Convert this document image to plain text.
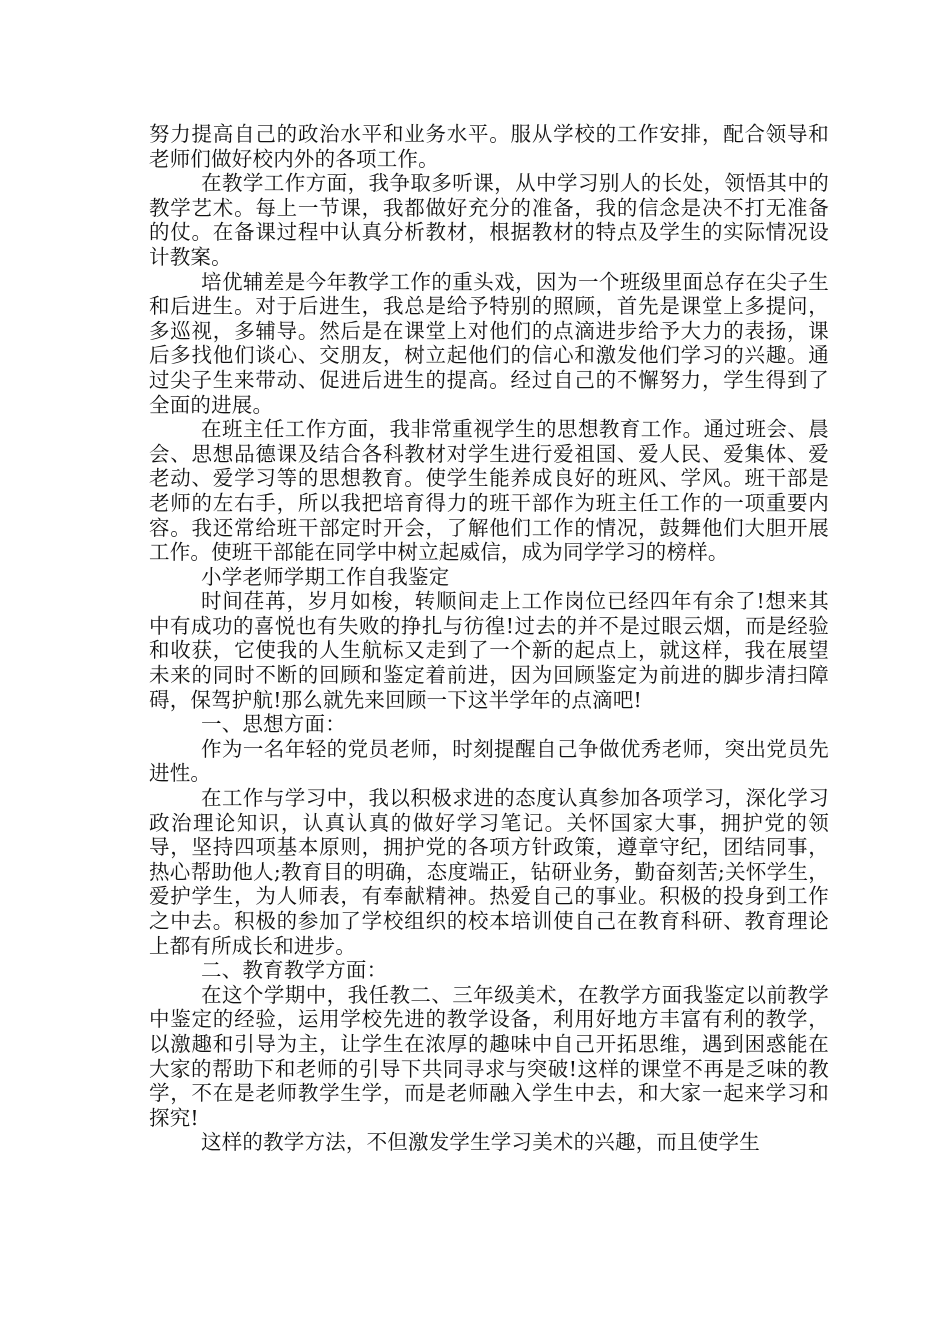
努力提高自己的政治水平和业务水平。服从学校的工作安排，配合领导和老师们做好校内外的各项工作。

在教学工作方面，我争取多听课，从中学习别人的长处，领悟其中的教学艺术。每上一节课，我都做好充分的准备，我的信念是决不打无准备的仗。在备课过程中认真分析教材，根据教材的特点及学生的实际情况设计教案。

培优辅差是今年教学工作的重头戏，因为一个班级里面总存在尖子生和后进生。对于后进生，我总是给予特别的照顾，首先是课堂上多提问，多巡视，多辅导。然后是在课堂上对他们的点滴进步给予大力的表扬，课后多找他们谈心、交朋友，树立起他们的信心和激发他们学习的兴趣。通过尖子生来带动、促进后进生的提高。经过自己的不懈努力，学生得到了全面的进展。

在班主任工作方面，我非常重视学生的思想教育工作。通过班会、晨会、思想品德课及结合各科教材对学生进行爱祖国、爱人民、爱集体、爱老动、爱学习等的思想教育。使学生能养成良好的班风、学风。班干部是老师的左右手，所以我把培育得力的班干部作为班主任工作的一项重要内容。我还常给班干部定时开会，了解他们工作的情况，鼓舞他们大胆开展工作。使班干部能在同学中树立起威信，成为同学学习的榜样。

小学老师学期工作自我鉴定

时间荏苒，岁月如梭，转顺间走上工作岗位已经四年有余了!想来其中有成功的喜悦也有失败的挣扎与彷徨!过去的并不是过眼云烟，而是经验和收获，它使我的人生航标又走到了一个新的起点上，就这样，我在展望未来的同时不断的回顾和鉴定着前进，因为回顾鉴定为前进的脚步清扫障碍，保驾护航!那么就先来回顾一下这半学年的点滴吧!

一、思想方面：

作为一名年轻的党员老师，时刻提醒自己争做优秀老师，突出党员先进性。

在工作与学习中，我以积极求进的态度认真参加各项学习，深化学习政治理论知识，认真认真的做好学习笔记。关怀国家大事，拥护党的领导，坚持四项基本原则，拥护党的各项方针政策，遵章守纪，团结同事，热心帮助他人;教育目的明确，态度端正，钻研业务，勤奋刻苦;关怀学生，爱护学生，为人师表，有奉献精神。热爱自己的事业。积极的投身到工作之中去。积极的参加了学校组织的校本培训使自己在教育科研、教育理论上都有所成长和进步。

二、教育教学方面：

在这个学期中，我任教二、三年级美术，在教学方面我鉴定以前教学中鉴定的经验，运用学校先进的教学设备，利用好地方丰富有利的教学，以激趣和引导为主，让学生在浓厚的趣味中自己开拓思维，遇到困惑能在大家的帮助下和老师的引导下共同寻求与突破!这样的课堂不再是乏味的教学，不在是老师教学生学，而是老师融入学生中去，和大家一起来学习和探究!

这样的教学方法，不但激发学生学习美术的兴趣，而且使学生
